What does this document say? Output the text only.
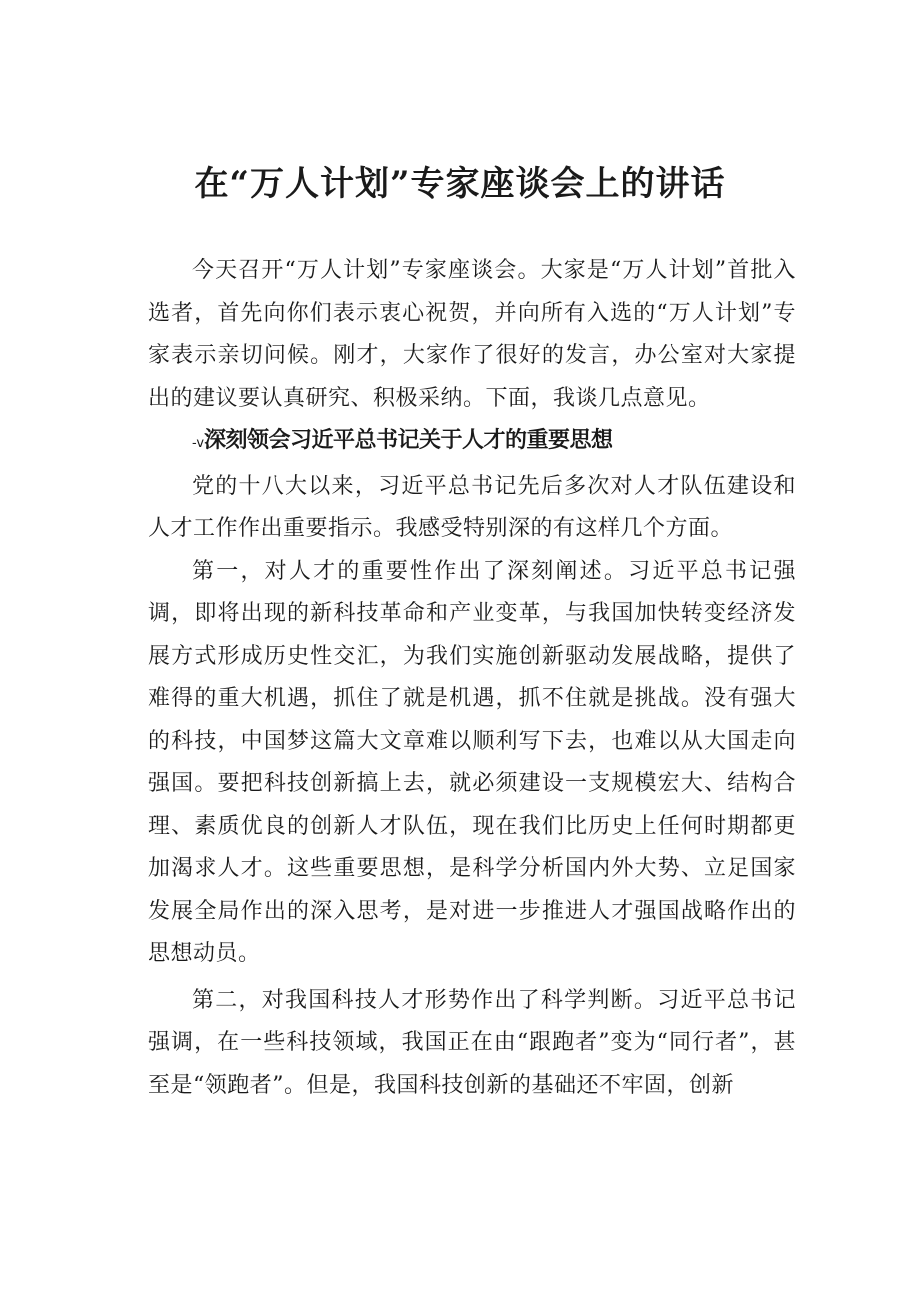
在“万人计划”专家座谈会上的讲话

今天召开“万人计划”专家座谈会。大家是“万人计划”首批入选者，首先向你们表示衷心祝贺，并向所有入选的“万人计划”专家表示亲切问候。刚才，大家作了很好的发言，办公室对大家提出的建议要认真研究、积极采纳。下面，我谈几点意见。

-v深刻领会习近平总书记关于人才的重要思想

党的十八大以来，习近平总书记先后多次对人才队伍建设和人才工作作出重要指示。我感受特别深的有这样几个方面。

第一，对人才的重要性作出了深刻阐述。习近平总书记强调，即将出现的新科技革命和产业变革，与我国加快转变经济发展方式形成历史性交汇，为我们实施创新驱动发展战略，提供了难得的重大机遇，抓住了就是机遇，抓不住就是挑战。没有强大的科技，中国梦这篇大文章难以顺利写下去，也难以从大国走向强国。要把科技创新搞上去，就必须建设一支规模宏大、结构合理、素质优良的创新人才队伍，现在我们比历史上任何时期都更加渴求人才。这些重要思想，是科学分析国内外大势、立足国家发展全局作出的深入思考，是对进一步推进人才强国战略作出的思想动员。

第二，对我国科技人才形势作出了科学判断。习近平总书记强调，在一些科技领域，我国正在由“跟跑者”变为“同行者”，甚至是“领跑者”。但是，我国科技创新的基础还不牢固，创新
